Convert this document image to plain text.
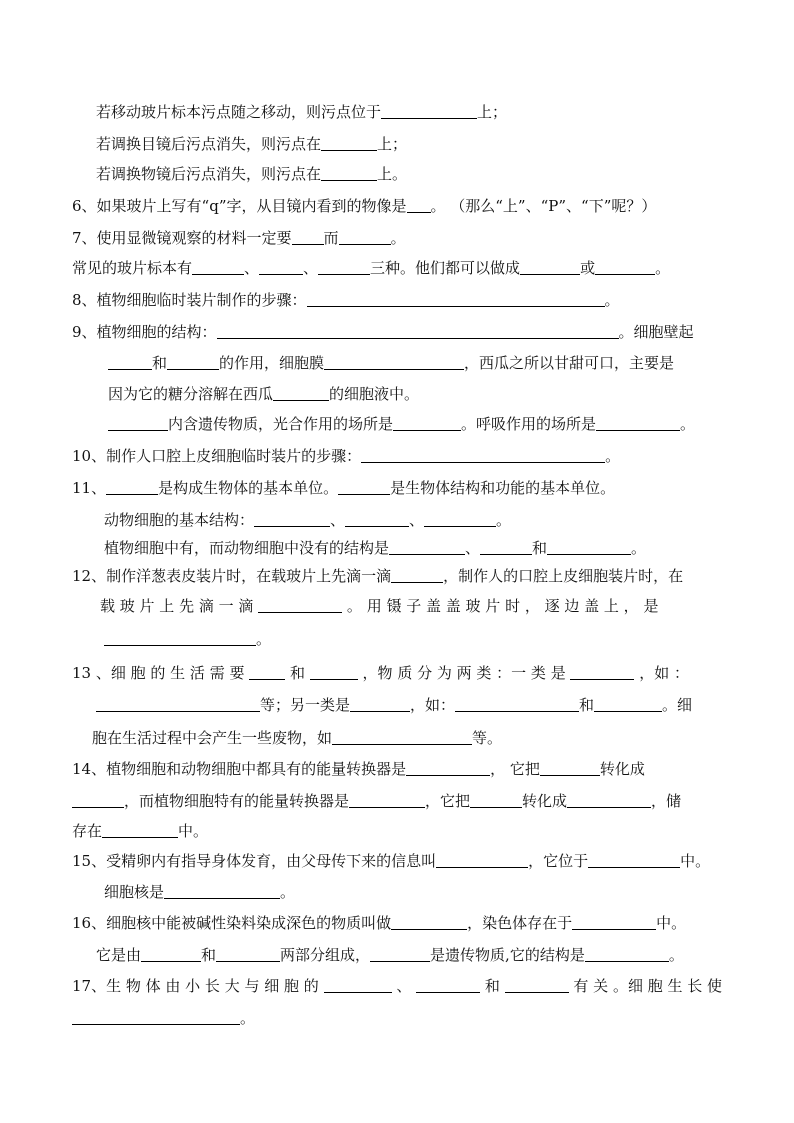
若移动玻片标本污点随之移动，则污点位于	上；
若调换目镜后污点消失，则污点在	上；
若调换物镜后污点消失，则污点在	上。
6、如果玻片上写有“q”字，从目镜内看到的物像是 。 （那么“上”、“P”、“下”呢？）
7、使用显微镜观察的材料一定要 而	。
常见的玻片标本有	、	、	三种。他们都可以做成	或	。
8、植物细胞临时装片制作的步骤：	。
9、植物细胞的结构：	。细胞壁起
和	的作用，细胞膜	，西瓜之所以甘甜可口，主要是
因为它的糖分溶解在西瓜	的细胞液中。
内含遗传物质，光合作用的场所是	。呼吸作用的场所是	。
10、制作人口腔上皮细胞临时装片的步骤：	。
11、	是构成生物体的基本单位。	是生物体结构和功能的基本单位。
动物细胞的基本结构：	、	、	。
植物细胞中有，而动物细胞中没有的结构是	、	和	。
12、制作洋葱表皮装片时，在载玻片上先滴一滴	，制作人的口腔上皮细胞装片时，在
载 玻 片 上 先 滴 一 滴	。 用 镊 子 盖 盖 玻 片 时 ， 逐 边 盖 上 ， 是
。
13 、细 胞 的 生 活 需 要  和	，物 质 分 为 两 类 ：一 类 是	，如 ：
等；另一类是	，如：	和	。细
胞在生活过程中会产生一些废物，如	等。
14、植物细胞和动物细胞中都具有的能量转换器是	， 它把	转化成
，而植物细胞特有的能量转换器是	，它把	转化成	，储
存在	中。
15、受精卵内有指导身体发育，由父母传下来的信息叫	，它位于	中。
细胞核是	。
16、细胞核中能被碱性染料染成深色的物质叫做	，染色体存在于	中。
它是由	和	两部分组成，	是遗传物质,它的结构是	。
17、生 物 体 由 小 长 大 与 细 胞 的	、	和	有 关 。细 胞 生 长 使
。
